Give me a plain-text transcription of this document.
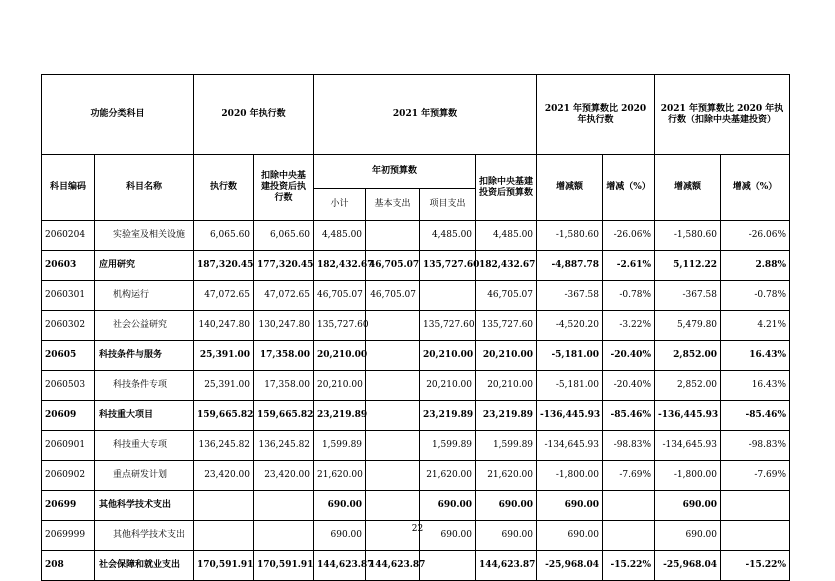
功能分类科目		2020 年执行数		2021 年预算数				2021 年预算数比 2020 年执行数		2021 年预算数比 2020 年执行数（扣除中央基建投资）	
科目编码	科目名称	执行数	扣除中央基建投资后执行数	年初预算数			扣除中央基建投资后预算数	增减额	增减（%）	增减额	增减（%）
				小计	基本支出	项目支出					
2060204	实验室及相关设施	6,065.60	6,065.60	4,485.00		4,485.00	4,485.00	-1,580.60	-26.06%	-1,580.60	-26.06%
20603	应用研究	187,320.45	177,320.45	182,432.67	46,705.07	135,727.60	182,432.67	-4,887.78	-2.61%	5,112.22	2.88%
2060301	机构运行	47,072.65	47,072.65	46,705.07	46,705.07		46,705.07	-367.58	-0.78%	-367.58	-0.78%
2060302	社会公益研究	140,247.80	130,247.80	135,727.60		135,727.60	135,727.60	-4,520.20	-3.22%	5,479.80	4.21%
20605	科技条件与服务	25,391.00	17,358.00	20,210.00		20,210.00	20,210.00	-5,181.00	-20.40%	2,852.00	16.43%
2060503	科技条件专项	25,391.00	17,358.00	20,210.00		20,210.00	20,210.00	-5,181.00	-20.40%	2,852.00	16.43%
20609	科技重大项目	159,665.82	159,665.82	23,219.89		23,219.89	23,219.89	-136,445.93	-85.46%	-136,445.93	-85.46%
2060901	科技重大专项	136,245.82	136,245.82	1,599.89		1,599.89	1,599.89	-134,645.93	-98.83%	-134,645.93	-98.83%
2060902	重点研发计划	23,420.00	23,420.00	21,620.00		21,620.00	21,620.00	-1,800.00	-7.69%	-1,800.00	-7.69%
20699	其他科学技术支出			690.00		690.00	690.00	690.00		690.00	
2069999	其他科学技术支出			690.00		690.00	690.00	690.00		690.00	
208	社会保障和就业支出	170,591.91	170,591.91	144,623.87	144,623.87		144,623.87	-25,968.04	-15.22%	-25,968.04	-15.22%
22
